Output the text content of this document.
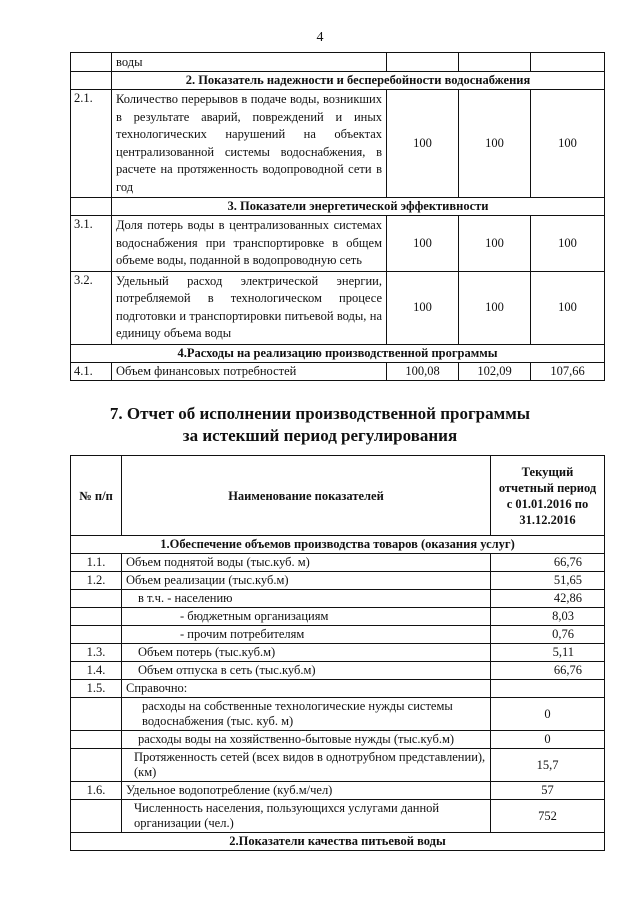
4
	воды			
	2. Показатель надежности и бесперебойности водоснабжения			
2.1.	Количество перерывов в подаче воды, возникших в результате аварий, повреждений и иных технологических нарушений на объектах централизованной системы водоснабжения, в расчете на протяженность водопроводной сети в год	100	100	100
	3. Показатели энергетической эффективности			
3.1.	Доля потерь воды в централизованных системах водоснабжения при транспортировке в общем объеме воды, поданной в водопроводную сеть	100	100	100
3.2.	Удельный расход электрической энергии, потребляемой в технологическом процесе подготовки и транспортировки питьевой воды, на единицу объема воды	100	100	100
4.Расходы на реализацию производственной программы				
4.1.	Объем финансовых потребностей	100,08	102,09	107,66
7. Отчет об исполнении производственной программы
за истекший период регулирования
№ п/п	Наименование показателей	Текущий отчетный период с 01.01.2016 по 31.12.2016
1.Обеспечение объемов производства товаров (оказания услуг)		
1.1.	Объем поднятой воды (тыс.куб. м)	66,76
1.2.	Объем реализации (тыс.куб.м)	51,65
	в т.ч. - населению	42,86
	- бюджетным организациям	8,03
	- прочим потребителям	0,76
1.3.	Объем потерь (тыс.куб.м)	5,11
1.4.	Объем отпуска в сеть (тыс.куб.м)	66,76
1.5.	Справочно:	
	расходы на собственные технологические нужды системы водоснабжения (тыс. куб. м)	0
	расходы воды на хозяйственно-бытовые нужды (тыс.куб.м)	0
	Протяженность сетей (всех видов в однотрубном представлении), (км)	15,7
1.6.	Удельное водопотребление (куб.м/чел)	57
	Численность населения, пользующихся услугами данной организации (чел.)	752
2.Показатели качества питьевой воды		
